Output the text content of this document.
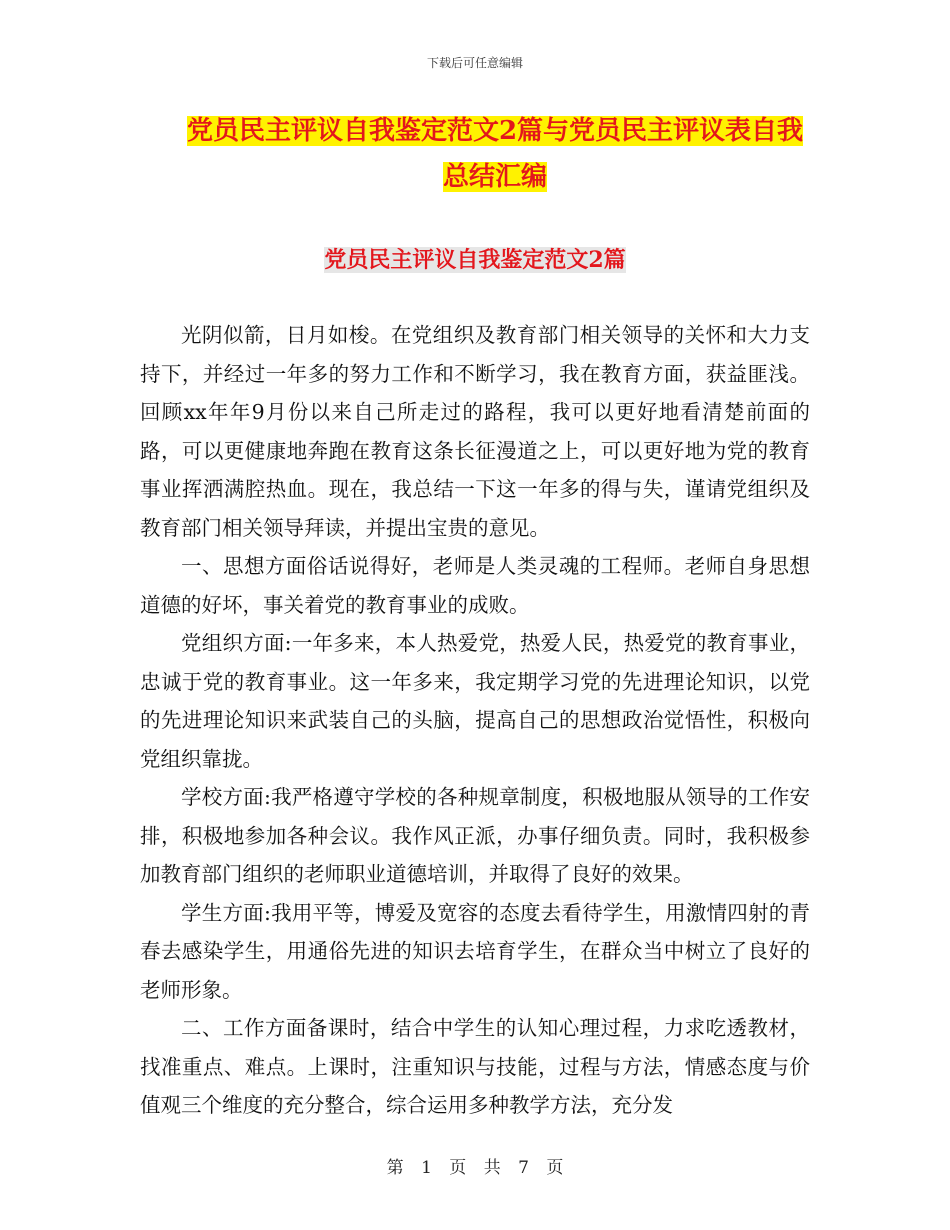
下载后可任意编辑
党员民主评议自我鉴定范文2篇与党员民主评议表自我总结汇编
党员民主评议自我鉴定范文2篇

光阴似箭，日月如梭。在党组织及教育部门相关领导的关怀和大力支持下，并经过一年多的努力工作和不断学习，我在教育方面，获益匪浅。回顾xx年年9月份以来自己所走过的路程，我可以更好地看清楚前面的路，可以更健康地奔跑在教育这条长征漫道之上，可以更好地为党的教育事业挥洒满腔热血。现在，我总结一下这一年多的得与失，谨请党组织及教育部门相关领导拜读，并提出宝贵的意见。

一、思想方面俗话说得好，老师是人类灵魂的工程师。老师自身思想道德的好坏，事关着党的教育事业的成败。

党组织方面:一年多来，本人热爱党，热爱人民，热爱党的教育事业，忠诚于党的教育事业。这一年多来，我定期学习党的先进理论知识，以党的先进理论知识来武装自己的头脑，提高自己的思想政治觉悟性，积极向党组织靠拢。

学校方面:我严格遵守学校的各种规章制度，积极地服从领导的工作安排，积极地参加各种会议。我作风正派，办事仔细负责。同时，我积极参加教育部门组织的老师职业道德培训，并取得了良好的效果。

学生方面:我用平等，博爱及宽容的态度去看待学生，用激情四射的青春去感染学生，用通俗先进的知识去培育学生，在群众当中树立了良好的老师形象。

二、工作方面备课时，结合中学生的认知心理过程，力求吃透教材，找准重点、难点。上课时，注重知识与技能，过程与方法，情感态度与价值观三个维度的充分整合，综合运用多种教学方法，充分发

第 1 页 共 7 页
